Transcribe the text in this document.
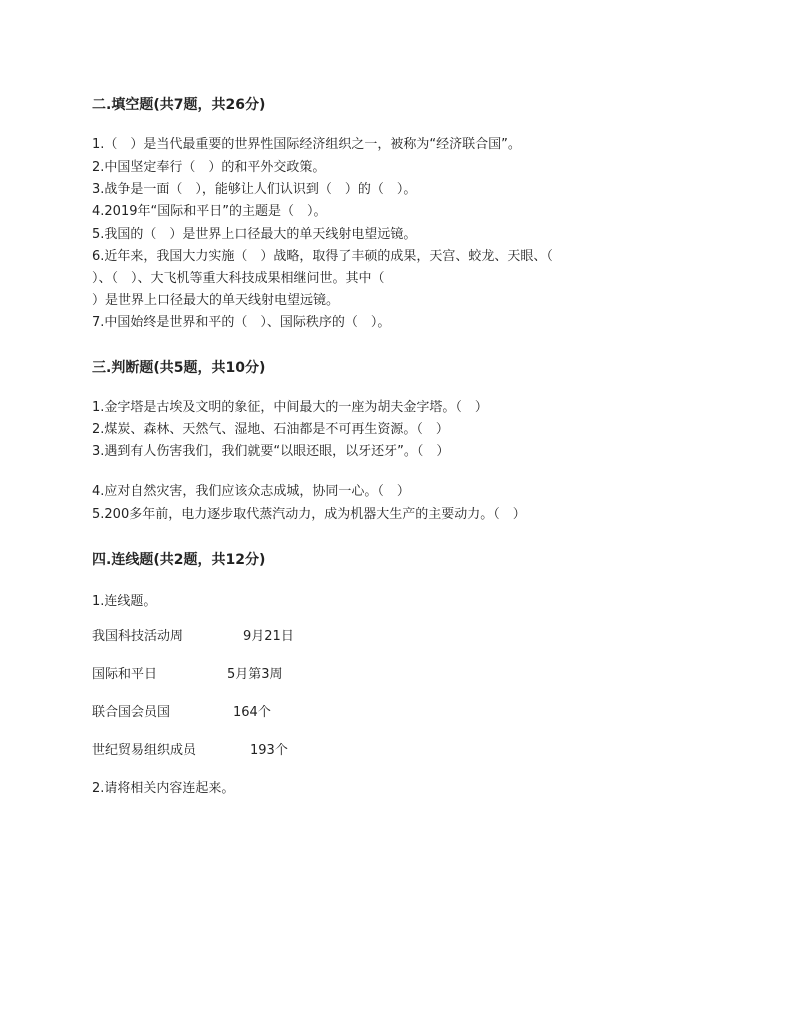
二.填空题(共7题，共26分)
1.（　）是当代最重要的世界性国际经济组织之一，被称为“经济联合国”。
2.中国坚定奉行（　）的和平外交政策。
3.战争是一面（　），能够让人们认识到（　）的（　）。
4.2019年“国际和平日”的主题是（　）。
5.我国的（　）是世界上口径最大的单天线射电望远镜。
6.近年来，我国大力实施（　）战略，取得了丰硕的成果，天宫、蛟龙、天眼、（
）、（　）、大飞机等重大科技成果相继问世。其中（
）是世界上口径最大的单天线射电望远镜。
7.中国始终是世界和平的（　）、国际秩序的（　）。
三.判断题(共5题，共10分)
1.金字塔是古埃及文明的象征，中间最大的一座为胡夫金字塔。（　）
2.煤炭、森林、天然气、湿地、石油都是不可再生资源。（　）
3.遇到有人伤害我们，我们就要“以眼还眼，以牙还牙”。（　）
4.应对自然灾害，我们应该众志成城，协同一心。（　）
5.200多年前，电力逐步取代蒸汽动力，成为机器大生产的主要动力。（　）
四.连线题(共2题，共12分)
1.连线题。
我国科技活动周	9月21日
国际和平日	5月第3周
联合国会员国	164个
世纪贸易组织成员	193个
2.请将相关内容连起来。
